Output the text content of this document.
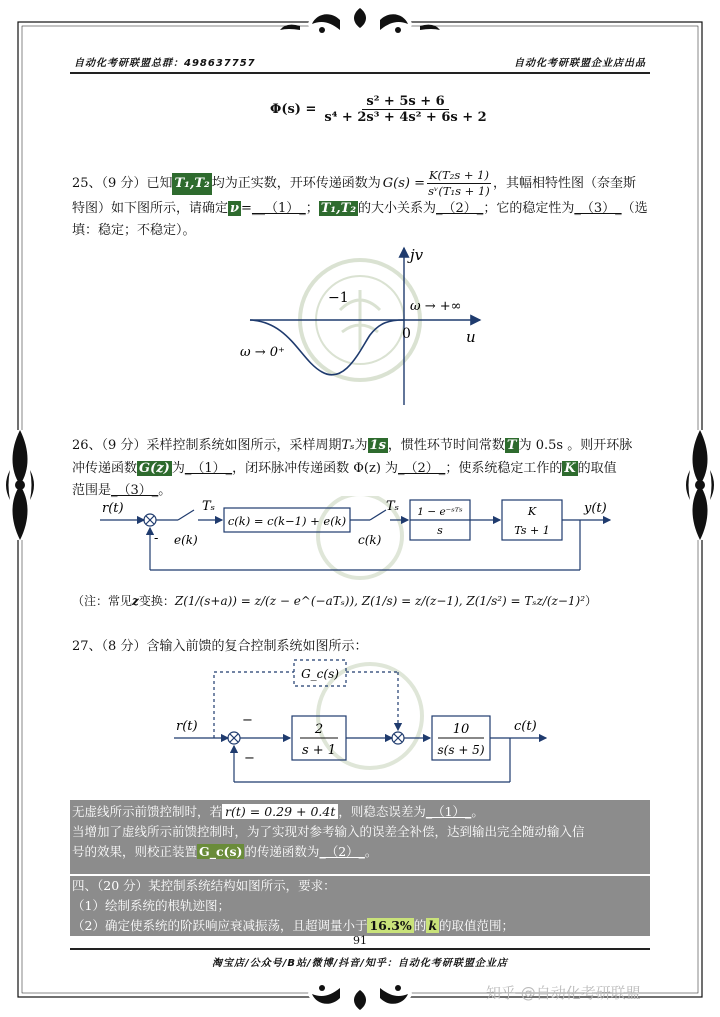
自动化考研联盟总群：498637757	自动化考研联盟企业店出品
$\Phi(s) = \frac{\text{s² + 5s + 6}}{\text{s⁴ + 2s³ + 4s² + 6s + 2}}$
25、（9 分）已知 T₁,T₂ 均为正实数，开环传递函数为 $G(s) = \frac{\text{K(T₂s + 1)}}{\text{sᵛ(T₁s + 1)}}$ ，其幅相特性图（奈奎斯
特图）如下图所示，请确定 ν =__（1）_； T₁,T₂ 的大小关系为_（2）_；它的稳定性为_（3）_（选
填：稳定；不稳定）。
jv
u
−1
0
ω → +∞
ω → 0⁺
26、（9 分）采样控制系统如图所示，采样周期Tₛ为 1s ，惯性环节时间常数 T 为 0.5s 。则开环脉
冲传递函数 G(z) 为_（1）_，闭环脉冲传递函数 Φ(z) 为_（2）_；使系统稳定工作的 K 的取值
范围是_（3）_。
r(t)
- e(k)
Tₛ
c(k) = c(k−1) + e(k)
c(k)
Tₛ 1 − e⁻ˢᵀˢ
s
K
Ts + 1
y(t)
（注：常见z变换：Z(1/(s+a)) = z/(z − e^(−aTₛ)), Z(1/s) = z/(z−1), Z(1/s²) = Tₛz/(z−1)²）
27、（8 分）含输入前馈的复合控制系统如图所示：
G_c(s)
r(t)	−
−
2
s + 1
10
s(s + 5)
c(t)
无虚线所示前馈控制时，若 r(t) = 0.29 + 0.4t ，则稳态误差为_（1）_。
当增加了虚线所示前馈控制时，为了实现对参考输入的误差全补偿，达到输出完全随动输入信
号的效果，则校正装置 G_c(s) 的传递函数为_（2）_。
四、（20 分）某控制系统结构如图所示，要求：
（1）绘制系统的根轨迹图；
（2）确定使系统的阶跃响应衰减振荡，且超调量小于 16.3% 的 k 的取值范围；
91
淘宝店/公众号/B站/微博/抖音/知乎：自动化考研联盟企业店
知乎 @自动化考研联盟
